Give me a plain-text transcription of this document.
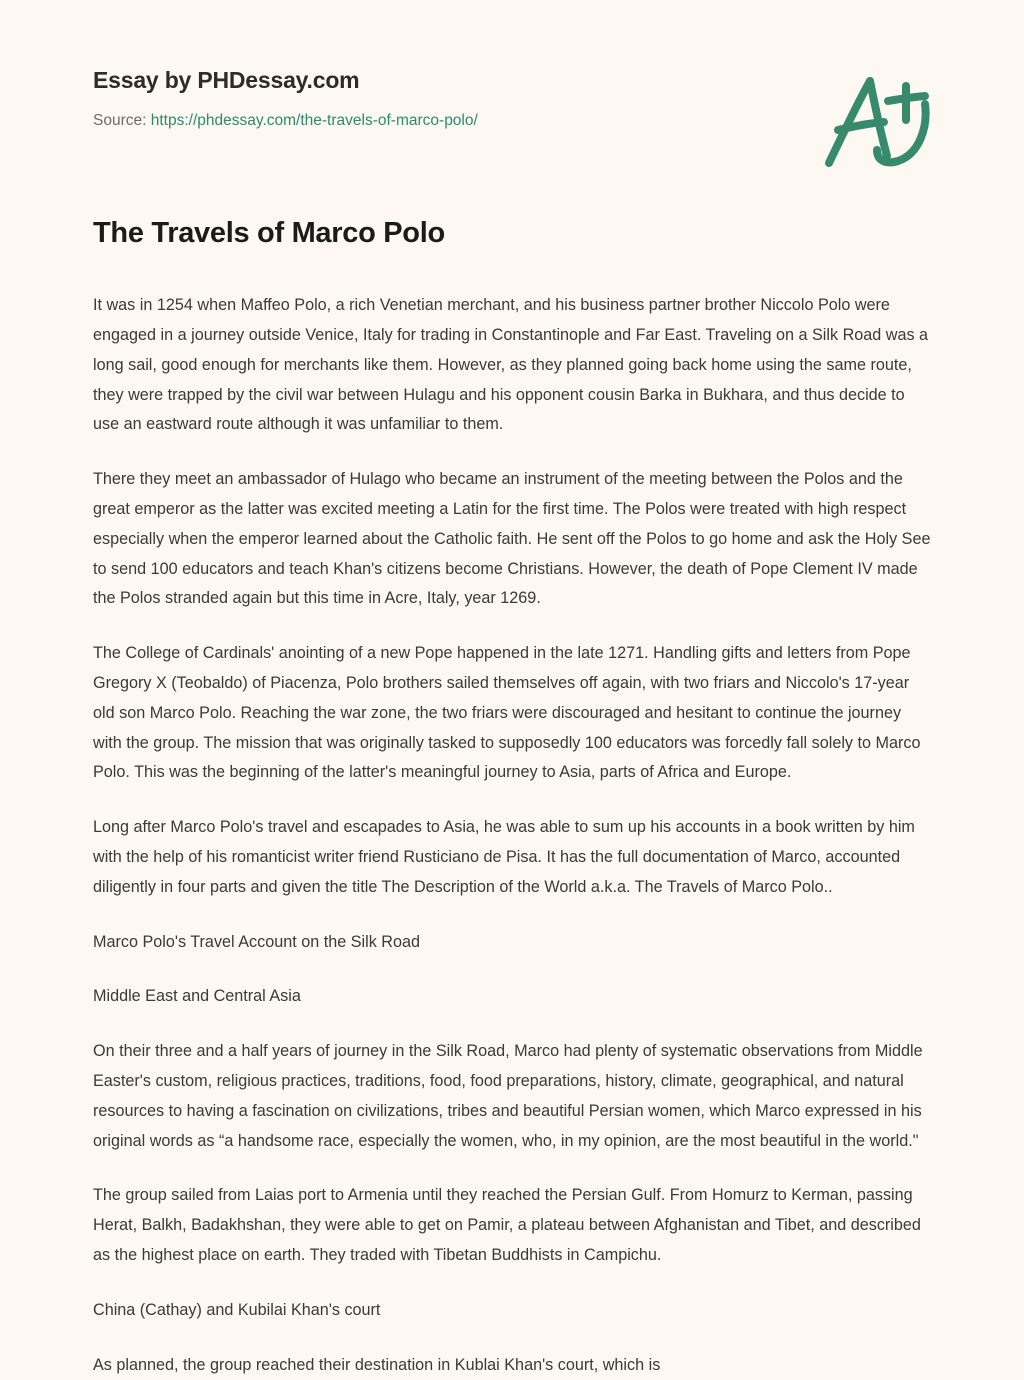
Essay by PHDessay.com
Source: https://phdessay.com/the-travels-of-marco-polo/
The Travels of Marco Polo

It was in 1254 when Maffeo Polo, a rich Venetian merchant, and his business partner brother Niccolo Polo were engaged in a journey outside Venice, Italy for trading in Constantinople and Far East. Traveling on a Silk Road was a long sail, good enough for merchants like them. However, as they planned going back home using the same route, they were trapped by the civil war between Hulagu and his opponent cousin Barka in Bukhara, and thus decide to use an eastward route although it was unfamiliar to them.

There they meet an ambassador of Hulago who became an instrument of the meeting between the Polos and the great emperor as the latter was excited meeting a Latin for the first time. The Polos were treated with high respect especially when the emperor learned about the Catholic faith. He sent off the Polos to go home and ask the Holy See to send 100 educators and teach Khan's citizens become Christians. However, the death of Pope Clement IV made the Polos stranded again but this time in Acre, Italy, year 1269.

The College of Cardinals' anointing of a new Pope happened in the late 1271. Handling gifts and letters from Pope Gregory X (Teobaldo) of Piacenza, Polo brothers sailed themselves off again, with two friars and Niccolo's 17-year old son Marco Polo. Reaching the war zone, the two friars were discouraged and hesitant to continue the journey with the group. The mission that was originally tasked to supposedly 100 educators was forcedly fall solely to Marco Polo. This was the beginning of the latter's meaningful journey to Asia, parts of Africa and Europe.

Long after Marco Polo's travel and escapades to Asia, he was able to sum up his accounts in a book written by him with the help of his romanticist writer friend Rusticiano de Pisa. It has the full documentation of Marco, accounted diligently in four parts and given the title The Description of the World a.k.a. The Travels of Marco Polo..

Marco Polo's Travel Account on the Silk Road

Middle East and Central Asia

On their three and a half years of journey in the Silk Road, Marco had plenty of systematic observations from Middle Easter's custom, religious practices, traditions, food, food preparations, history, climate, geographical, and natural resources to having a fascination on civilizations, tribes and beautiful Persian women, which Marco expressed in his original words as “a handsome race, especially the women, who, in my opinion, are the most beautiful in the world."

The group sailed from Laias port to Armenia until they reached the Persian Gulf. From Homurz to Kerman, passing Herat, Balkh, Badakhshan, they were able to get on Pamir, a plateau between Afghanistan and Tibet, and described as the highest place on earth. They traded with Tibetan Buddhists in Campichu.

China (Cathay) and Kubilai Khan's court

As planned, the group reached their destination in Kublai Khan's court, which is
